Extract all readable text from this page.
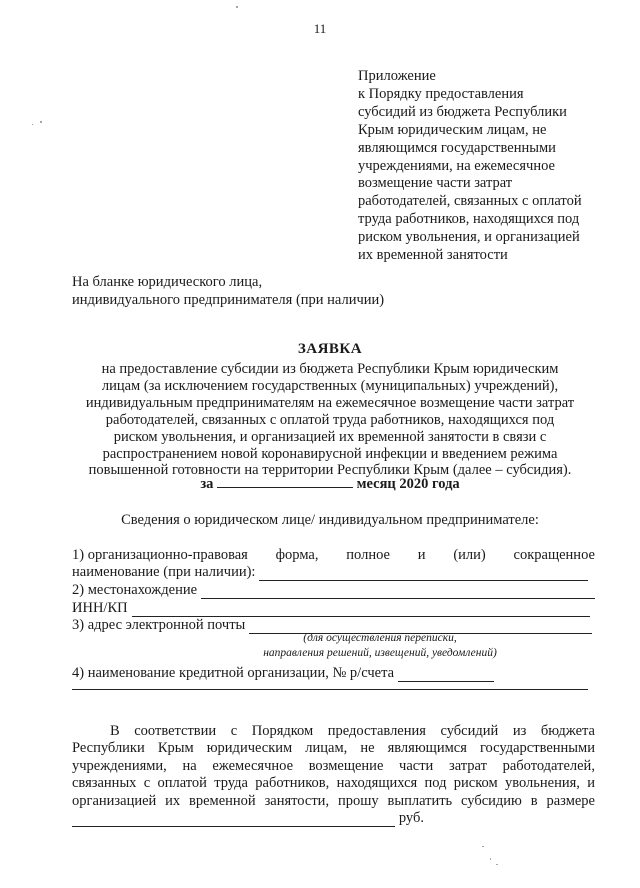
11
Приложение
к Порядку предоставления
субсидий из бюджета Республики
Крым юридическим лицам, не
являющимся государственными
учреждениями, на ежемесячное
возмещение части затрат
работодателей, связанных с оплатой
труда работников, находящихся под
риском увольнения, и организацией
их временной занятости
На бланке юридического лица,
индивидуального предпринимателя (при наличии)
ЗАЯВКА
на предоставление субсидии из бюджета Республики Крым юридическим
лицам (за исключением государственных (муниципальных) учреждений),
индивидуальным предпринимателям на ежемесячное возмещение части затрат
работодателей, связанных с оплатой труда работников, находящихся под
риском увольнения, и организацией их временной занятости в связи с
распространением новой коронавирусной инфекции и введением режима
повышенной готовности на территории Республики Крым (далее – субсидия).
за	месяц 2020 года
Сведения о юридическом лице/ индивидуальном предпринимателе:
1) организационно-правовая форма, полное и (или) сокращенное
наименование (при наличии):
2) местонахождение
ИНН/КП
3) адрес электронной почты
(для осуществления переписки,
направления решений, извещений, уведомлений)
4) наименование кредитной организации, № р/счета
В соответствии с Порядком предоставления субсидий из бюджета
Республики Крым юридическим лицам, не являющимся государственными
учреждениями, на ежемесячное возмещение части затрат работодателей,
связанных с оплатой труда работников, находящихся под риском увольнения, и
организацией их временной занятости, прошу выплатить субсидию в размере
руб.
